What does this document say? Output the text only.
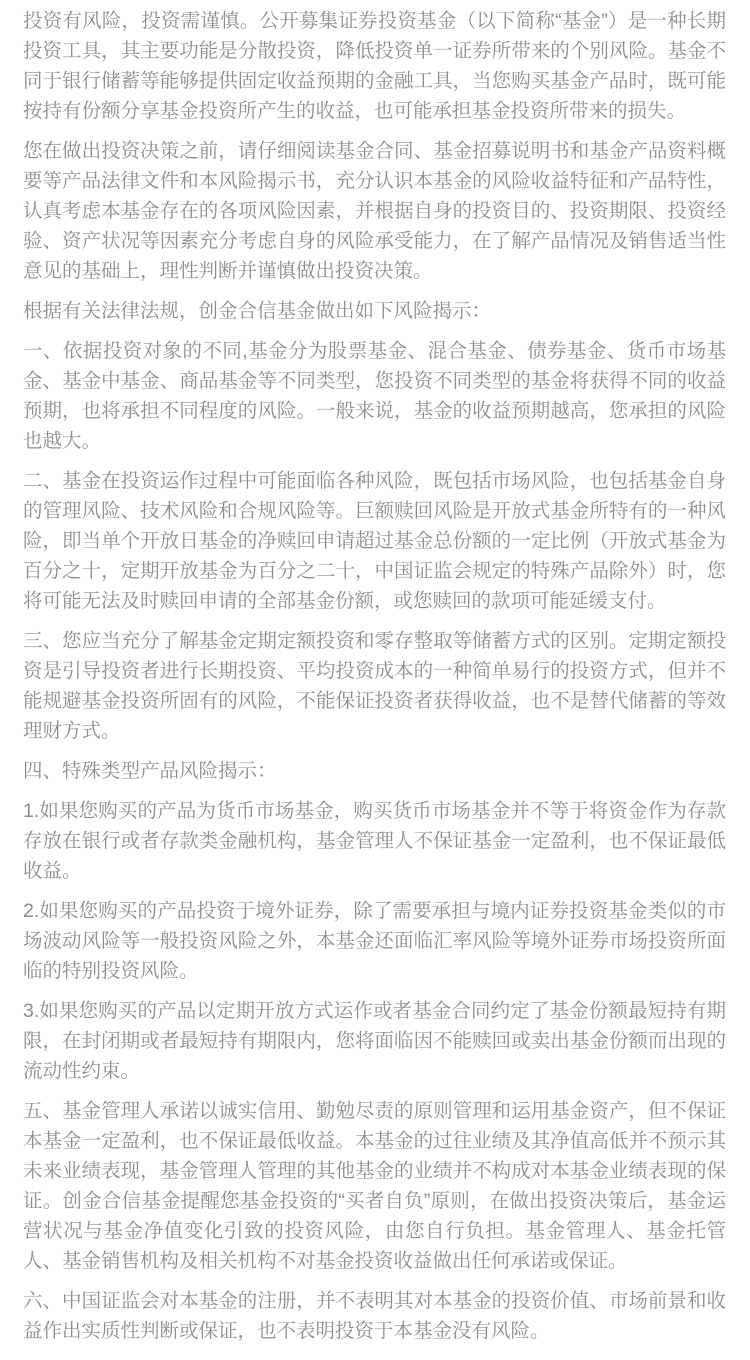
投资有风险，投资需谨慎。公开募集证券投资基金（以下简称“基金”）是一种长期投资工具，其主要功能是分散投资，降低投资单一证券所带来的个别风险。基金不同于银行储蓄等能够提供固定收益预期的金融工具，当您购买基金产品时，既可能按持有份额分享基金投资所产生的收益，也可能承担基金投资所带来的损失。

您在做出投资决策之前，请仔细阅读基金合同、基金招募说明书和基金产品资料概要等产品法律文件和本风险揭示书，充分认识本基金的风险收益特征和产品特性，认真考虑本基金存在的各项风险因素，并根据自身的投资目的、投资期限、投资经验、资产状况等因素充分考虑自身的风险承受能力，在了解产品情况及销售适当性意见的基础上，理性判断并谨慎做出投资决策。

根据有关法律法规，创金合信基金做出如下风险揭示：

一、依据投资对象的不同,基金分为股票基金、混合基金、债券基金、货币市场基金、基金中基金、商品基金等不同类型，您投资不同类型的基金将获得不同的收益预期，也将承担不同程度的风险。一般来说，基金的收益预期越高，您承担的风险也越大。

二、基金在投资运作过程中可能面临各种风险，既包括市场风险，也包括基金自身的管理风险、技术风险和合规风险等。巨额赎回风险是开放式基金所特有的一种风险，即当单个开放日基金的净赎回申请超过基金总份额的一定比例（开放式基金为百分之十，定期开放基金为百分之二十，中国证监会规定的特殊产品除外）时，您将可能无法及时赎回申请的全部基金份额，或您赎回的款项可能延缓支付。

三、您应当充分了解基金定期定额投资和零存整取等储蓄方式的区别。定期定额投资是引导投资者进行长期投资、平均投资成本的一种简单易行的投资方式，但并不能规避基金投资所固有的风险，不能保证投资者获得收益，也不是替代储蓄的等效理财方式。

四、特殊类型产品风险揭示：

1.如果您购买的产品为货币市场基金，购买货币市场基金并不等于将资金作为存款存放在银行或者存款类金融机构，基金管理人不保证基金一定盈利，也不保证最低收益。

2.如果您购买的产品投资于境外证券，除了需要承担与境内证券投资基金类似的市场波动风险等一般投资风险之外，本基金还面临汇率风险等境外证券市场投资所面临的特别投资风险。

3.如果您购买的产品以定期开放方式运作或者基金合同约定了基金份额最短持有期限，在封闭期或者最短持有期限内，您将面临因不能赎回或卖出基金份额而出现的流动性约束。

五、基金管理人承诺以诚实信用、勤勉尽责的原则管理和运用基金资产，但不保证本基金一定盈利，也不保证最低收益。本基金的过往业绩及其净值高低并不预示其未来业绩表现，基金管理人管理的其他基金的业绩并不构成对本基金业绩表现的保证。创金合信基金提醒您基金投资的“买者自负”原则，在做出投资决策后，基金运营状况与基金净值变化引致的投资风险，由您自行负担。基金管理人、基金托管人、基金销售机构及相关机构不对基金投资收益做出任何承诺或保证。

六、中国证监会对本基金的注册，并不表明其对本基金的投资价值、市场前景和收益作出实质性判断或保证，也不表明投资于本基金没有风险。
